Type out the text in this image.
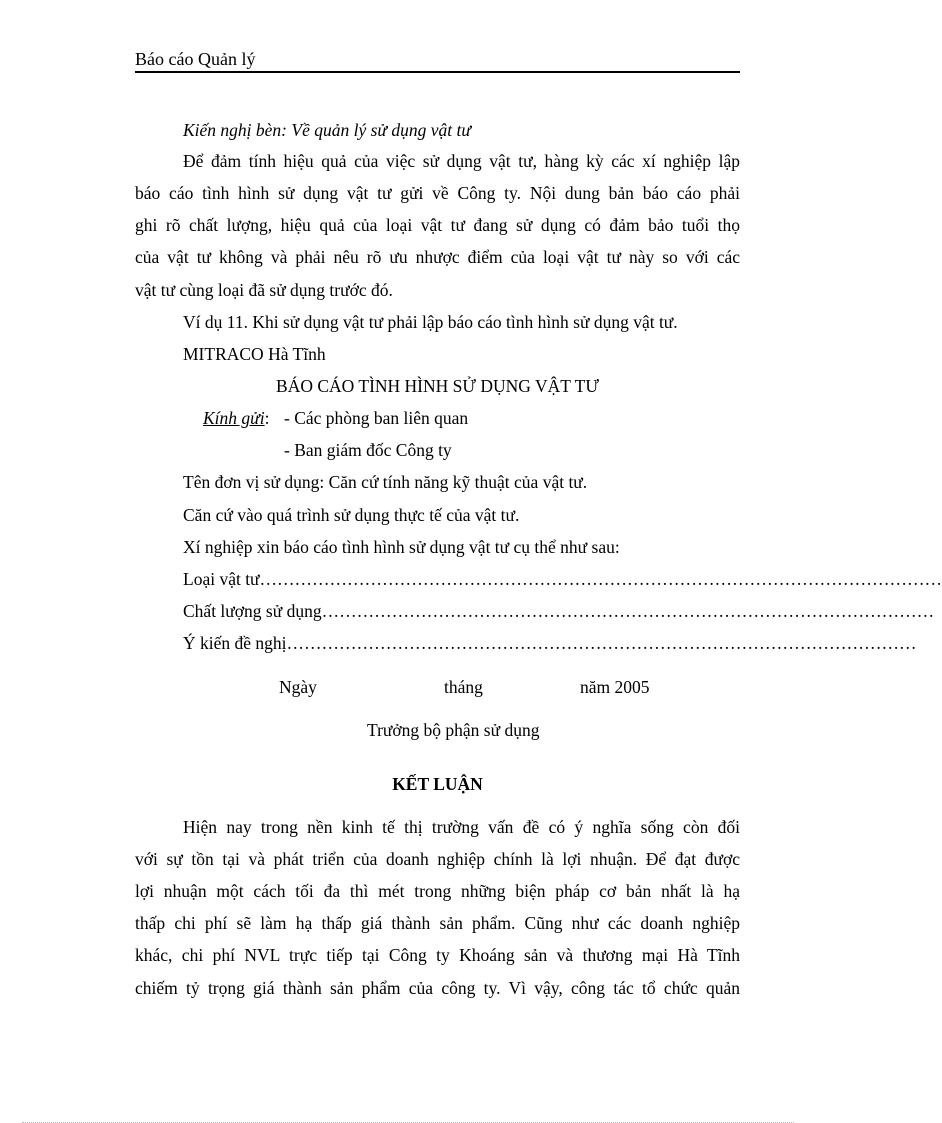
Báo cáo Quản lý
Kiến nghị bèn: Về quản lý sử dụng vật tư
Để đảm tính hiệu quả của việc sử dụng vật tư, hàng kỳ các xí nghiệp lập
báo cáo tình hình sử dụng vật tư gửi về Công ty. Nội dung bản báo cáo phải
ghi rõ chất lượng, hiệu quả của loại vật tư đang sử dụng có đảm bảo tuổi thọ
của vật tư không và phải nêu rõ ưu nhược điểm của loại vật tư này so với các
vật tư cùng loại đã sử dụng trước đó.
Ví dụ 11. Khi sử dụng vật tư phải lập báo cáo tình hình sử dụng vật tư.
MITRACO Hà Tĩnh
BÁO CÁO TÌNH HÌNH SỬ DỤNG VẬT TƯ
Kính gửi: - Các phòng ban liên quan
- Ban giám đốc Công ty
Tên đơn vị sử dụng: Căn cứ tính năng kỹ thuật của vật tư.
Căn cứ vào quá trình sử dụng thực tế của vật tư.
Xí nghiệp xin báo cáo tình hình sử dụng vật tư cụ thể như sau:
Loại vật tư………………………………………………………………………………………………………
Chất lượng sử dụng……………………………………………………………………………………………
Ý kiến đề nghị………………………………………………………………………………………………
Ngày	tháng	năm 2005
Trưởng bộ phận sử dụng
KẾT LUẬN
Hiện nay trong nền kinh tế thị trường vấn đề có ý nghĩa sống còn đối
với sự tồn tại và phát triển của doanh nghiệp chính là lợi nhuận. Để đạt được
lợi nhuận một cách tối đa thì mét trong những biện pháp cơ bản nhất là hạ
thấp chi phí sẽ làm hạ thấp giá thành sản phẩm. Cũng như các doanh nghiệp
khác, chi phí NVL trực tiếp tại Công ty Khoáng sản và thương mại Hà Tĩnh
chiếm tỷ trọng giá thành sản phẩm của công ty. Vì vậy, công tác tổ chức quản
